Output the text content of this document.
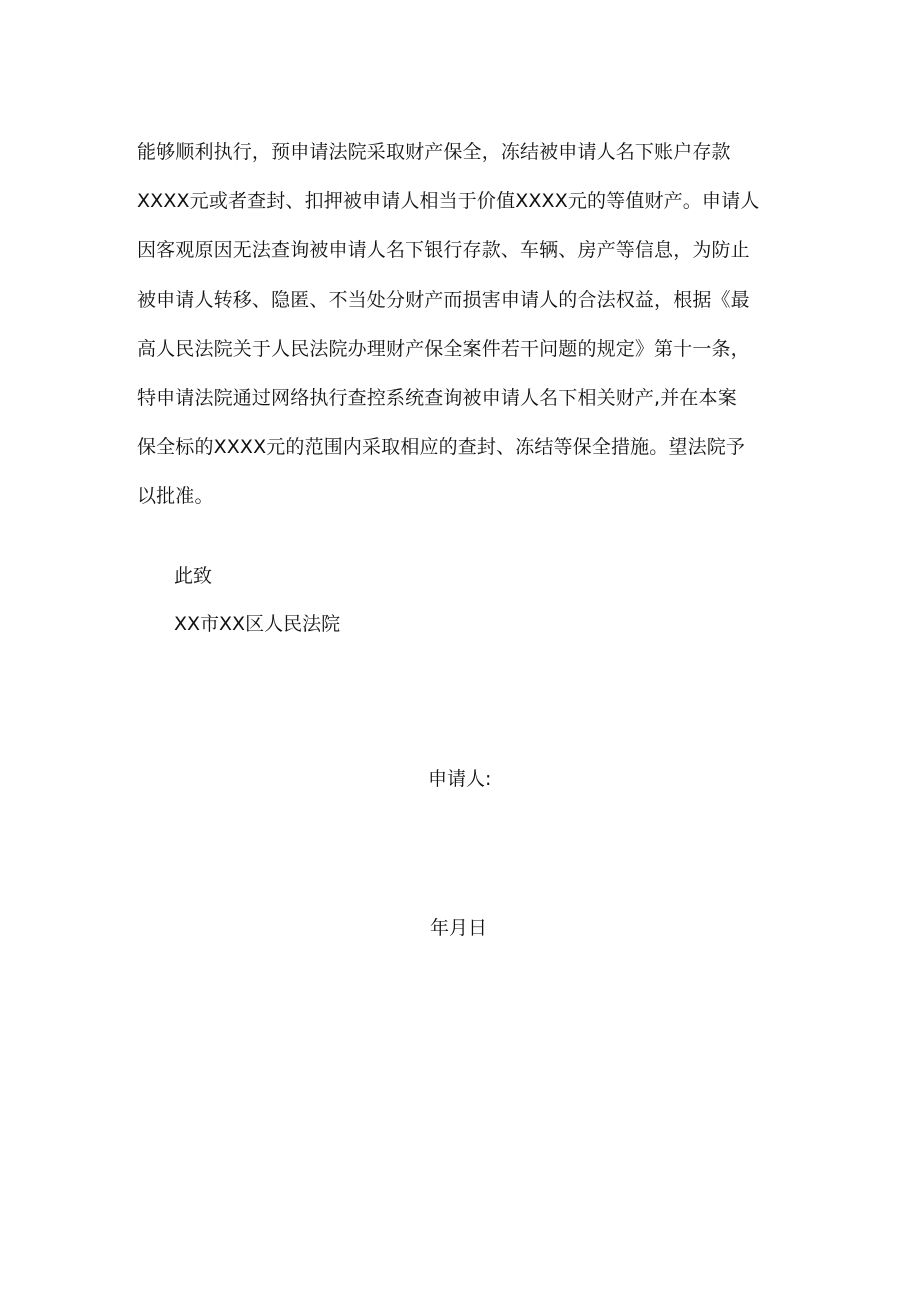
能够顺利执行，预申请法院采取财产保全，冻结被申请人名下账户存款
XXXX元或者查封、扣押被申请人相当于价值XXXX元的等值财产。申请人
因客观原因无法查询被申请人名下银行存款、车辆、房产等信息，为防止
被申请人转移、隐匿、不当处分财产而损害申请人的合法权益，根据《最
高人民法院关于人民法院办理财产保全案件若干问题的规定》第十一条，
特申请法院通过网络执行查控系统查询被申请人名下相关财产,并在本案
保全标的XXXX元的范围内采取相应的查封、冻结等保全措施。望法院予
以批准。
此致
XX市XX区人民法院
申请人:
年月日
